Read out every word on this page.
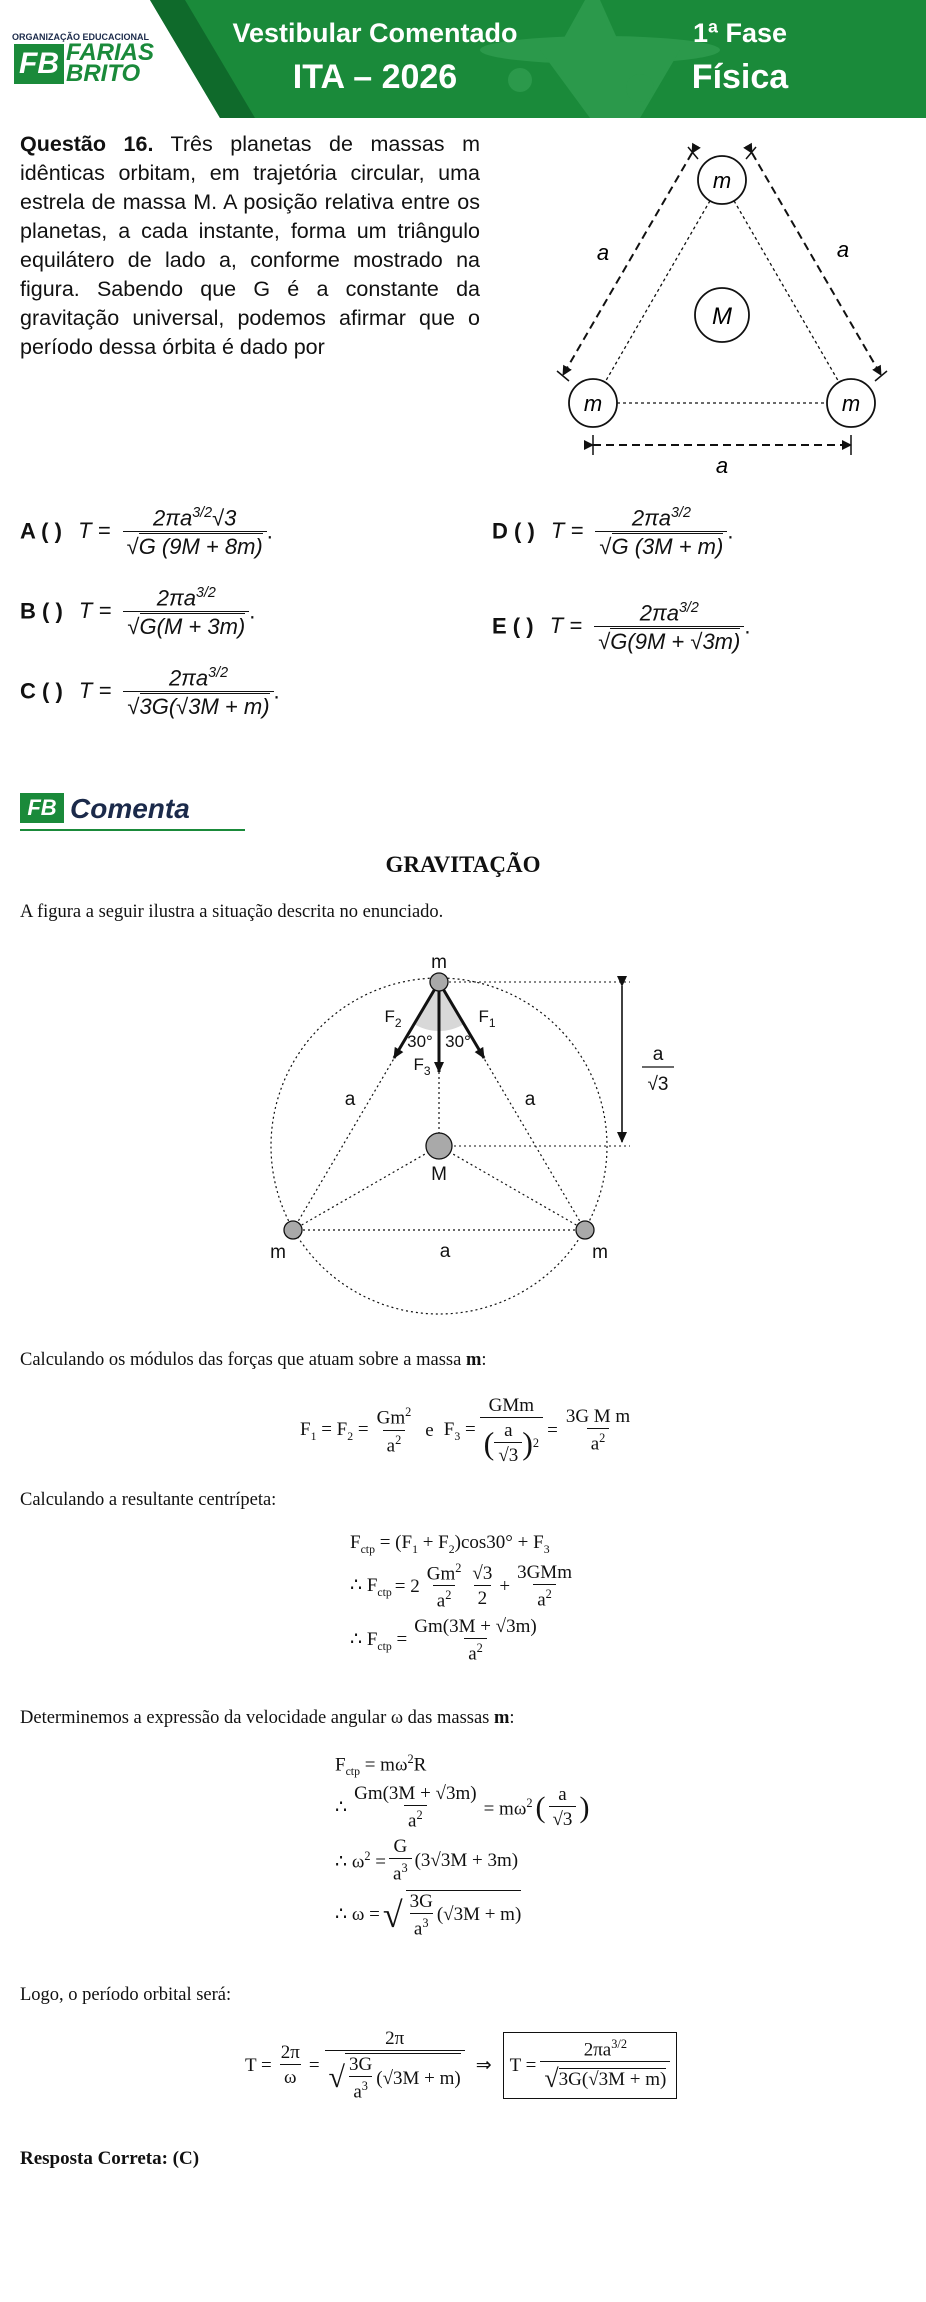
ORGANIZAÇÃO EDUCACIONAL
FB FARIAS
BRITO
Vestibular Comentado
ITA – 2026
1ª Fase
Física
Questão 16. Três planetas de massas m idênticas orbitam, em trajetória circular, uma estrela de massa M. A posição relativa entre os planetas, a cada instante, forma um triângulo equilátero de lado a, conforme mostrado na figura. Sabendo que G é a constante da gravitação universal, podemos afirmar que o período dessa órbita é dado por
m
m	m
M
a	a
a
A ( ) $T = \frac{2\pi a^{3/2}√3}{√G (9M + 8m)}$ .
B ( ) $T = \frac{2\pi a^{3/2}}{√G(M + 3m)}$ .
C ( ) $T = \frac{2\pi a^{3/2}}{√3G(√3M + m)}$ .
D ( ) $T = \frac{2\pi a^{3/2}}{√G (3M + m)}$ .
E ( ) $T = \frac{2\pi a^{3/2}}{√G(9M + √3m)}$ .
FB Comenta
GRAVITAÇÃO
A figura a seguir ilustra a situação descrita no enunciado.
m
m	m
M
a	a
a
30° 30°
$F_2$	$F_1$
$F_3$
a
√3
Calculando os módulos das forças que atuam sobre a massa m:
$F_1 = F_2 = \frac{Gm^2}{a^2}$ e $F_3 = \frac{\text{GMm}}{( \frac{a}{√3} ) 2} = \frac{\text{3G M m}}{a^2}$
Calculando a resultante centrípeta:
$F_{ctp} = (F_1 + F_2)\cos 30^\circ + F_3$
∴ $F_{ctp} = 2 \frac{Gm^2}{a^2} \frac{√3}{2} + \frac{\text{3GMm}}{a^2}$
∴ $F_{ctp} = \frac{Gm(3M + √3m)}{a^2}$
Determinemos a expressão da velocidade angular ω das massas m:
$F_{ctp} = m\omega^2R$
∴ $\frac{Gm(3M + √3m)}{a^2} = m\omega^2$ ( $\frac{a}{√3}$ )
∴ $\omega^2 = \frac{G}{a^3} (3√3M + 3m)$
∴ ω = √ $\frac{3G}{a^3} (√3M + m)$
Logo, o período orbital será:
$T = \frac{2\pi}{\omega} = \frac{2\pi}{√ \frac{3G}{a^3} (√3M + m)}$ ⇒ $T = \frac{2\pi a^{3/2}}{√ 3G(√3M + m)}$
Resposta Correta: (C)
